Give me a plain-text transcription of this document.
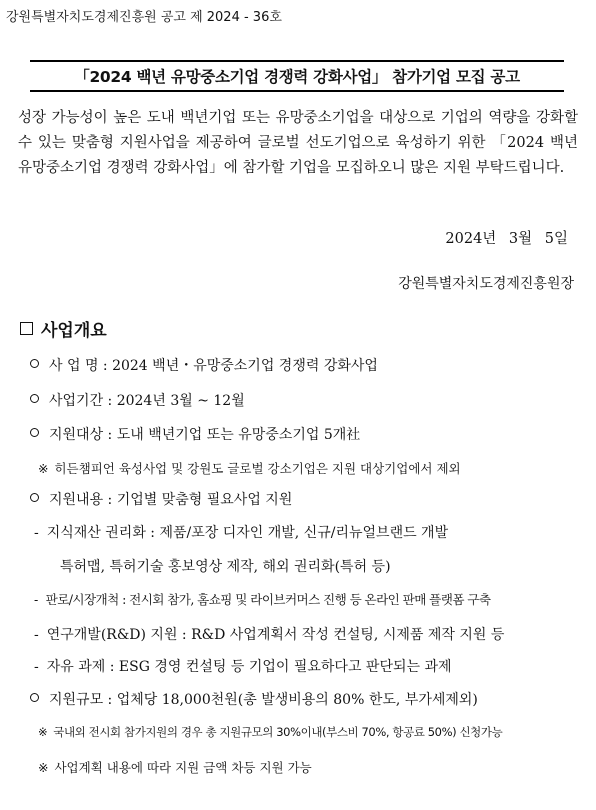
강원특별자치도경제진흥원 공고 제 2024 - 36호
「2024 백년 유망중소기업 경쟁력 강화사업」 참가기업 모집 공고
성장 가능성이 높은 도내 백년기업 또는 유망중소기업을 대상으로 기업의 역량을 강화할 수 있는 맞춤형 지원사업을 제공하여 글로벌 선도기업으로 육성하기 위한 「2024 백년 유망중소기업 경쟁력 강화사업」에 참가할 기업을 모집하오니 많은 지원 부탁드립니다.
2024년 3월 5일
강원특별자치도경제진흥원장
사업개요
사 업 명 : 2024 백년・유망중소기업 경쟁력 강화사업
사업기간 : 2024년 3월 ~ 12월
지원대상 : 도내 백년기업 또는 유망중소기업 5개社
※ 히든챔피언 육성사업 및 강원도 글로벌 강소기업은 지원 대상기업에서 제외
지원내용 : 기업별 맞춤형 필요사업 지원
- 지식재산 권리화 : 제품/포장 디자인 개발, 신규/리뉴얼브랜드 개발
특허맵, 특허기술 홍보영상 제작, 해외 권리화(특허 등)
- 판로/시장개척 : 전시회 참가, 홈쇼핑 및 라이브커머스 진행 등 온라인 판매 플랫폼 구축
- 연구개발(R&D) 지원 : R&D 사업계획서 작성 컨설팅, 시제품 제작 지원 등
- 자유 과제 : ESG 경영 컨설팅 등 기업이 필요하다고 판단되는 과제
지원규모 : 업체당 18,000천원(총 발생비용의 80% 한도, 부가세제외)
※ 국내외 전시회 참가지원의 경우 총 지원규모의 30%이내(부스비 70%, 항공료 50%) 신청가능
※ 사업계획 내용에 따라 지원 금액 차등 지원 가능
